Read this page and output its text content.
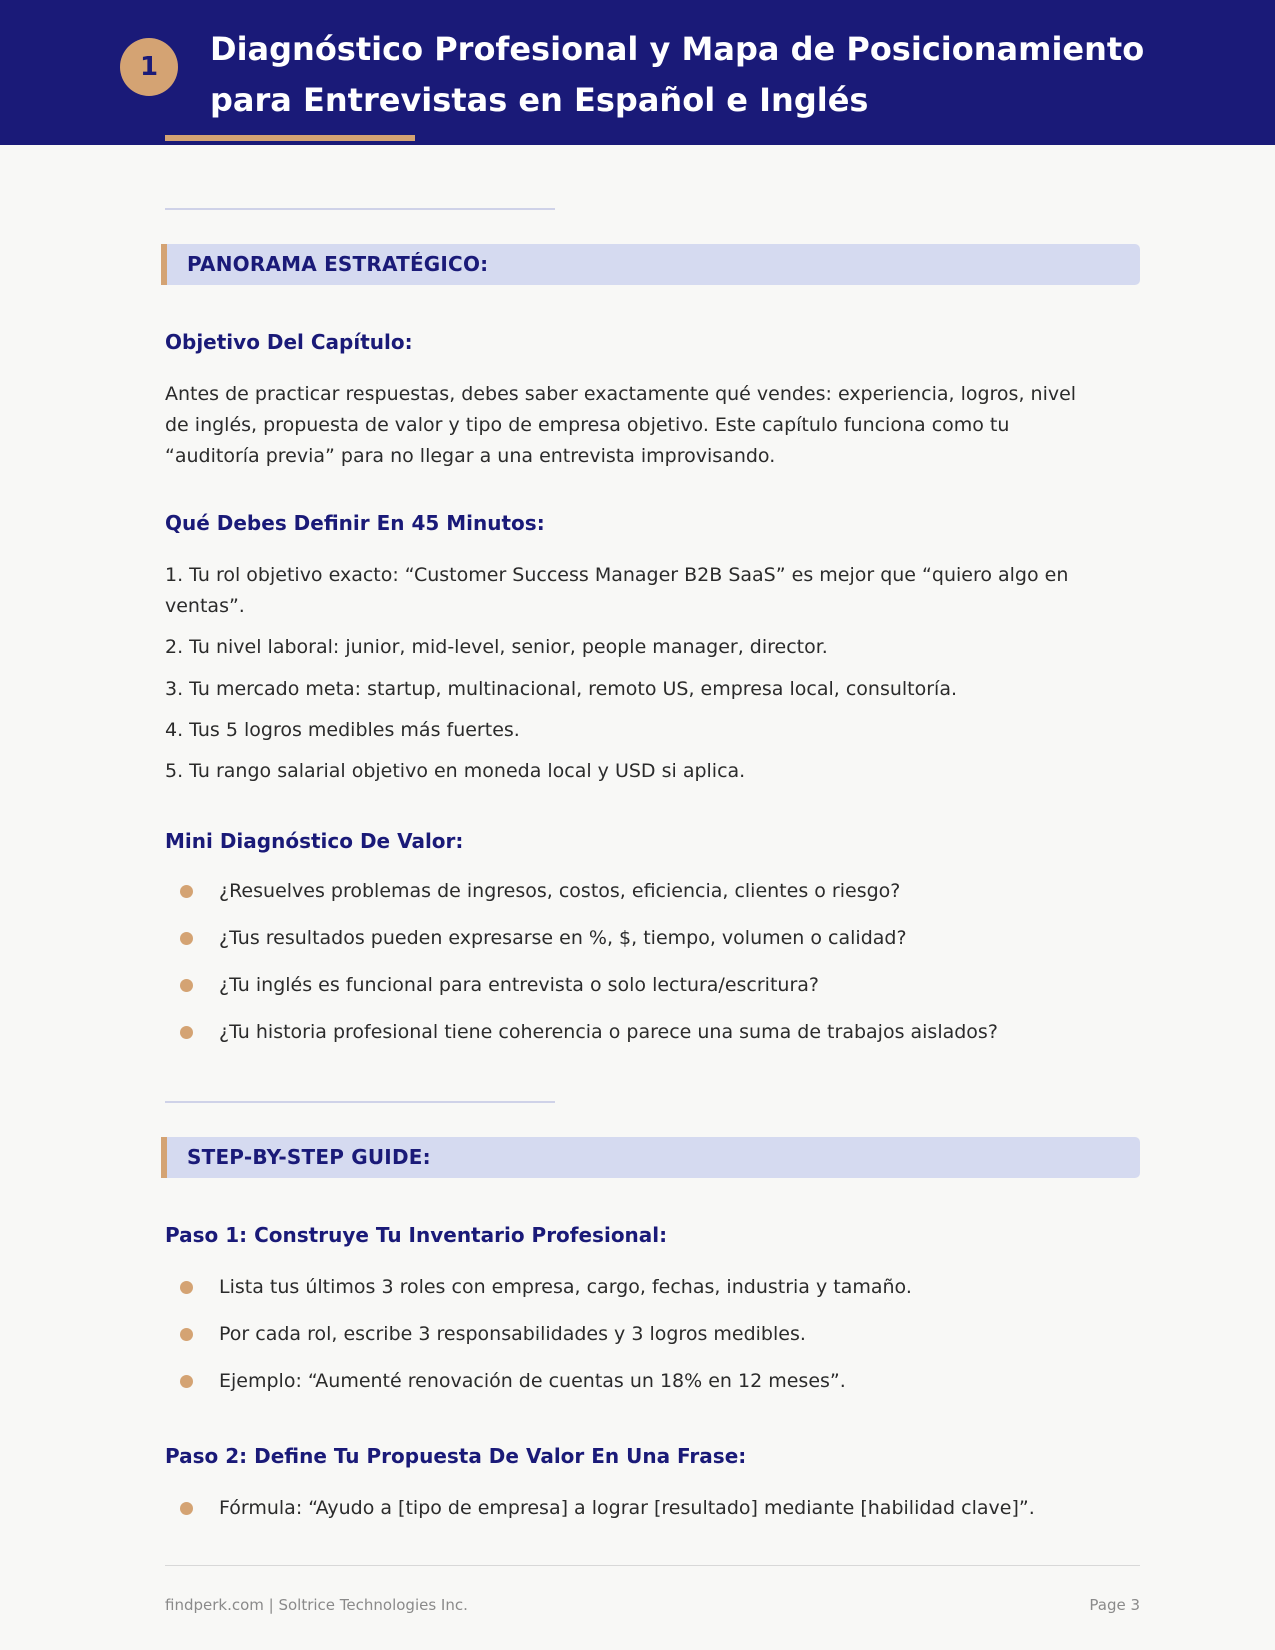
1	Diagnóstico Profesional y Mapa de Posicionamiento para Entrevistas en Español e Inglés
PANORAMA ESTRATÉGICO:
Objetivo Del Capítulo:
Antes de practicar respuestas, debes saber exactamente qué vendes: experiencia, logros, nivel de inglés, propuesta de valor y tipo de empresa objetivo. Este capítulo funciona como tu “auditoría previa” para no llegar a una entrevista improvisando.
Qué Debes Definir En 45 Minutos:
1. Tu rol objetivo exacto: “Customer Success Manager B2B SaaS” es mejor que “quiero algo en ventas”.
2. Tu nivel laboral: junior, mid-level, senior, people manager, director.
3. Tu mercado meta: startup, multinacional, remoto US, empresa local, consultoría.
4. Tus 5 logros medibles más fuertes.
5. Tu rango salarial objetivo en moneda local y USD si aplica.
Mini Diagnóstico De Valor:
¿Resuelves problemas de ingresos, costos, eficiencia, clientes o riesgo?
¿Tus resultados pueden expresarse en %, $, tiempo, volumen o calidad?
¿Tu inglés es funcional para entrevista o solo lectura/escritura?
¿Tu historia profesional tiene coherencia o parece una suma de trabajos aislados?
STEP-BY-STEP GUIDE:
Paso 1: Construye Tu Inventario Profesional:
Lista tus últimos 3 roles con empresa, cargo, fechas, industria y tamaño.
Por cada rol, escribe 3 responsabilidades y 3 logros medibles.
Ejemplo: “Aumenté renovación de cuentas un 18% en 12 meses”.
Paso 2: Define Tu Propuesta De Valor En Una Frase:
Fórmula: “Ayudo a [tipo de empresa] a lograr [resultado] mediante [habilidad clave]”.
findperk.com | Soltrice Technologies Inc.	Page 3
